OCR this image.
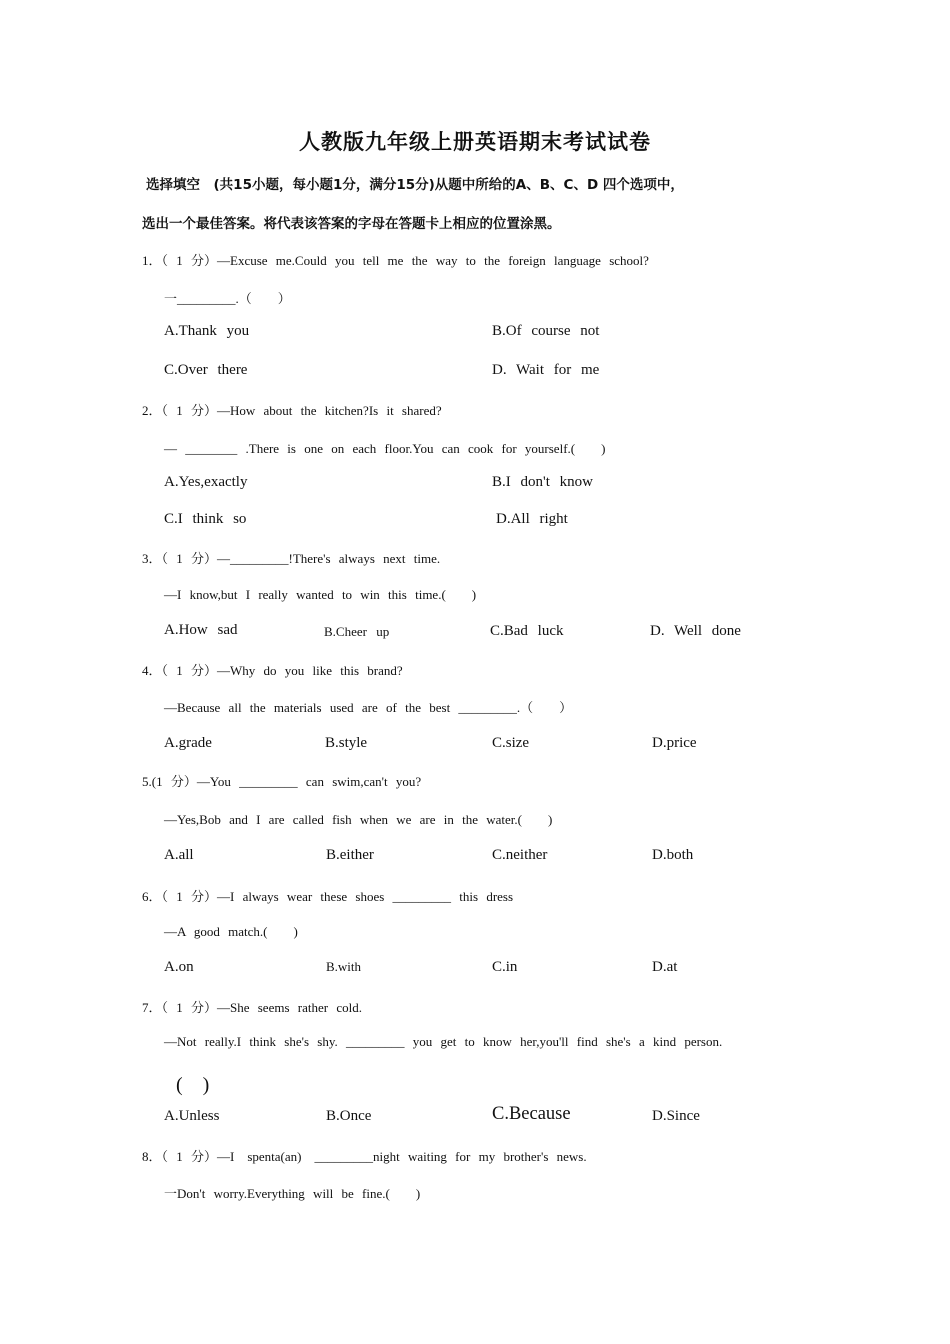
人教版九年级上册英语期末考试试卷
选择填空　(共15小题，每小题1分，满分15分)从题中所给的A、B、C、D 四个选项中，
选出一个最佳答案。将代表该答案的字母在答题卡上相应的位置涂黑。
1．（ 1 分）—Excuse me.Could you tell me the way to the foreign language school?
一_________.（　　）
A.Thank you	B.Of course not
C.Over there	D. Wait for me
2．（ 1 分）—How about the kitchen?Is it shared?
— ________ .There is one on each floor.You can cook for yourself.(　　)
A.Yes,exactly	B.I don't know
C.I think so	D.All right
3．（ 1 分）—_________!There's always next time.
—I know,but I really wanted to win this time.(　　)
A.How sad	B.Cheer up	C.Bad luck	D. Well done
4．（ 1 分）—Why do you like this brand?
—Because all the materials used are of the best _________.（　　）
A.grade	B.style	C.size	D.price
5.(1 分）—You _________ can swim,can't you?
—Yes,Bob and I are called fish when we are in the water.(　　)
A.all	B.either	C.neither	D.both
6．（ 1 分）—I always wear these shoes _________ this dress
—A good match.(　　)
A.on	B.with	C.in	D.at
7．（ 1 分）—She seems rather cold.
—Not really.I think she's shy. _________ you get to know her,you'll find she's a kind person.
(　)
A.Unless	B.Once	C.Because	D.Since
8．（ 1 分）—I　spenta(an)　_________night waiting for my brother's news.
一Don't worry.Everything will be fine.(　　)
